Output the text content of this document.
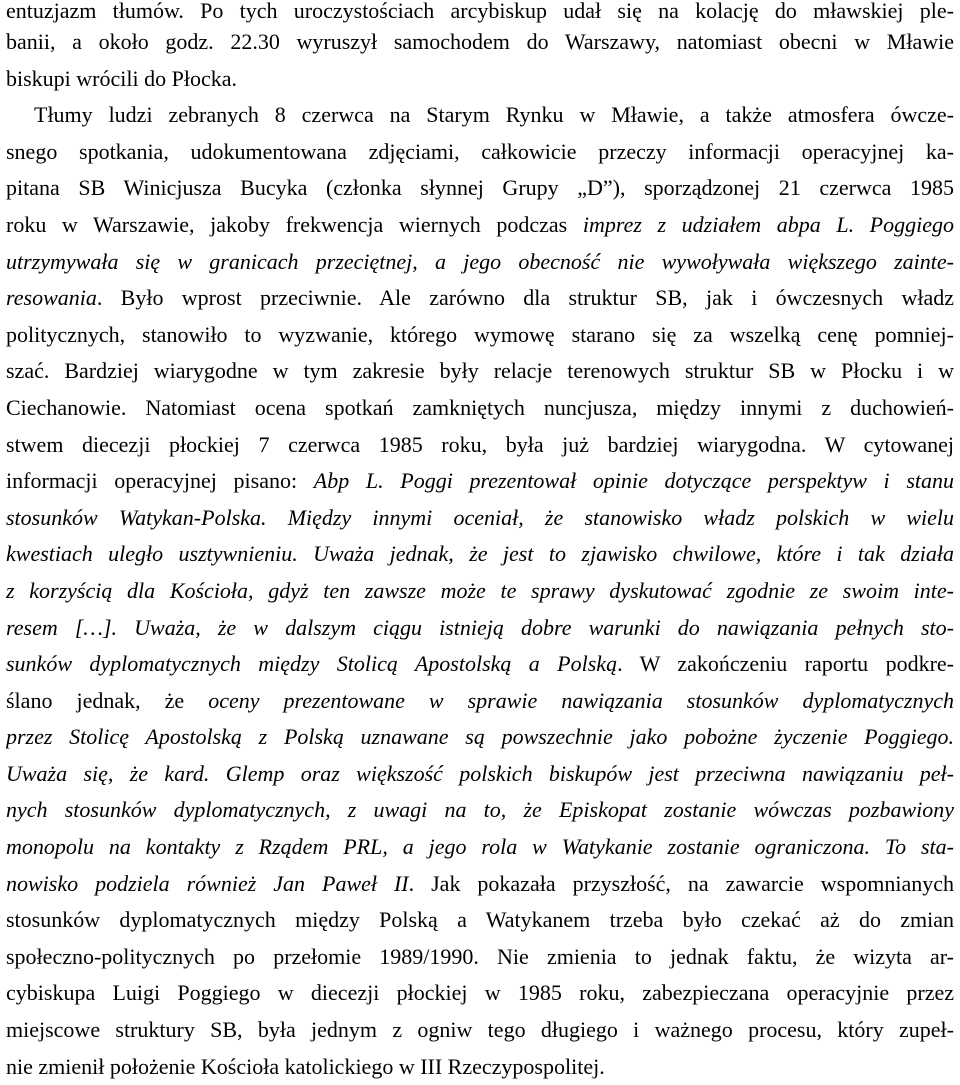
entuzjazm tłumów. Po tych uroczystościach arcybiskup udał się na kolację do mławskiej ple-
banii, a około godz. 22.30 wyruszył samochodem do Warszawy, natomiast obecni w Mławie
biskupi wrócili do Płocka.
Tłumy ludzi zebranych 8 czerwca na Starym Rynku w Mławie, a także atmosfera ówcze-
snego spotkania, udokumentowana zdjęciami, całkowicie przeczy informacji operacyjnej ka-
pitana SB Winicjusza Bucyka (członka słynnej Grupy „D”), sporządzonej 21 czerwca 1985
roku w Warszawie, jakoby frekwencja wiernych podczas imprez z udziałem abpa L. Poggiego
utrzymywała się w granicach przeciętnej, a jego obecność nie wywoływała większego zainte-
resowania. Było wprost przeciwnie. Ale zarówno dla struktur SB, jak i ówczesnych władz
politycznych, stanowiło to wyzwanie, którego wymowę starano się za wszelką cenę pomniej-
szać. Bardziej wiarygodne w tym zakresie były relacje terenowych struktur SB w Płocku i w
Ciechanowie. Natomiast ocena spotkań zamkniętych nuncjusza, między innymi z duchowień-
stwem diecezji płockiej 7 czerwca 1985 roku, była już bardziej wiarygodna. W cytowanej
informacji operacyjnej pisano: Abp L. Poggi prezentował opinie dotyczące perspektyw i stanu
stosunków Watykan-Polska. Między innymi oceniał, że stanowisko władz polskich w wielu
kwestiach uległo usztywnieniu. Uważa jednak, że jest to zjawisko chwilowe, które i tak działa
z korzyścią dla Kościoła, gdyż ten zawsze może te sprawy dyskutować zgodnie ze swoim inte-
resem […]. Uważa, że w dalszym ciągu istnieją dobre warunki do nawiązania pełnych sto-
sunków dyplomatycznych między Stolicą Apostolską a Polską. W zakończeniu raportu podkre-
ślano jednak, że oceny prezentowane w sprawie nawiązania stosunków dyplomatycznych
przez Stolicę Apostolską z Polską uznawane są powszechnie jako pobożne życzenie Poggiego.
Uważa się, że kard. Glemp oraz większość polskich biskupów jest przeciwna nawiązaniu peł-
nych stosunków dyplomatycznych, z uwagi na to, że Episkopat zostanie wówczas pozbawiony
monopolu na kontakty z Rządem PRL, a jego rola w Watykanie zostanie ograniczona. To sta-
nowisko podziela również Jan Paweł II. Jak pokazała przyszłość, na zawarcie wspomnianych
stosunków dyplomatycznych między Polską a Watykanem trzeba było czekać aż do zmian
społeczno-politycznych po przełomie 1989/1990. Nie zmienia to jednak faktu, że wizyta ar-
cybiskupa Luigi Poggiego w diecezji płockiej w 1985 roku, zabezpieczana operacyjnie przez
miejscowe struktury SB, była jednym z ogniw tego długiego i ważnego procesu, który zupeł-
nie zmienił położenie Kościoła katolickiego w III Rzeczypospolitej.
